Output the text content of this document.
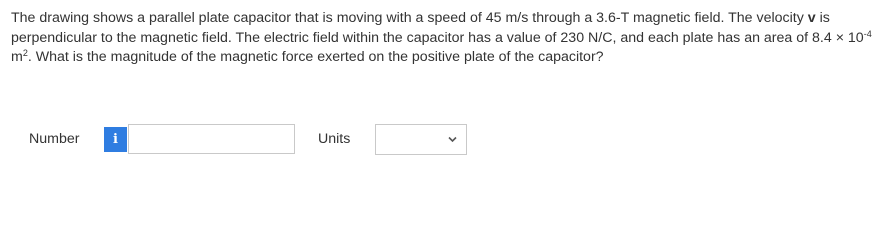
The drawing shows a parallel plate capacitor that is moving with a speed of 45 m/s through a 3.6-T magnetic field. The velocity v is perpendicular to the magnetic field. The electric field within the capacitor has a value of 230 N/C, and each plate has an area of $8.4 \times 10^{-4}$ $m^2$. What is the magnitude of the magnetic force exerted on the positive plate of the capacitor?

Number	i	Units
